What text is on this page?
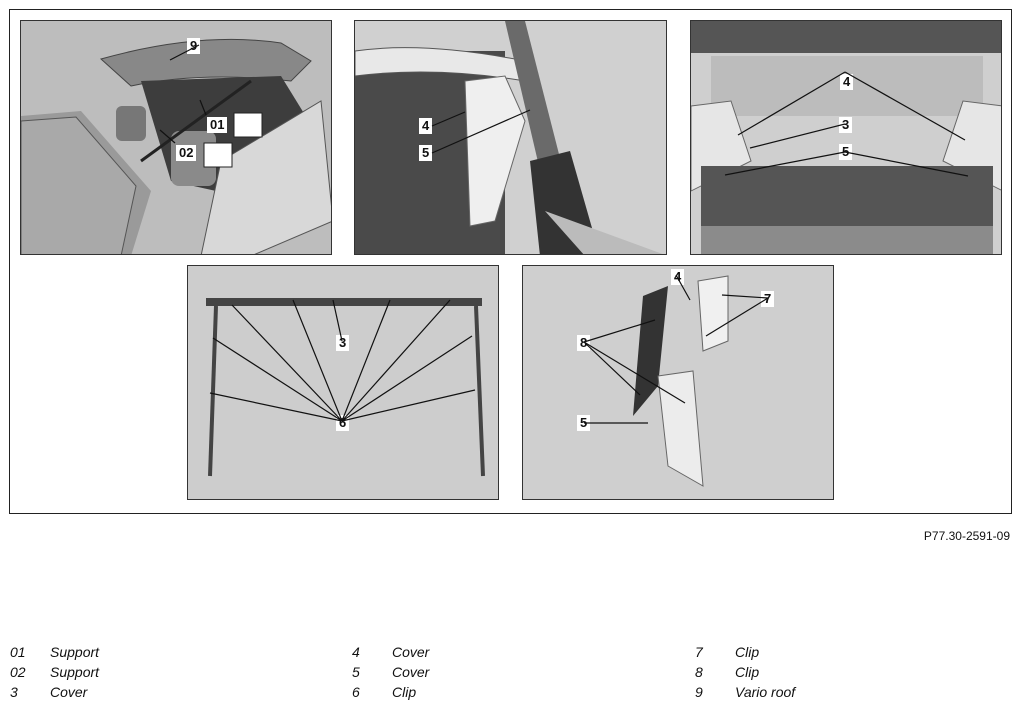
9
01
02
4
5
4
3
5
3
6
4
7
8
5
P77.30-2591-09
01 Support
02 Support
3 Cover
4 Cover
5 Cover
6 Clip
7 Clip
8 Clip
9 Vario roof
